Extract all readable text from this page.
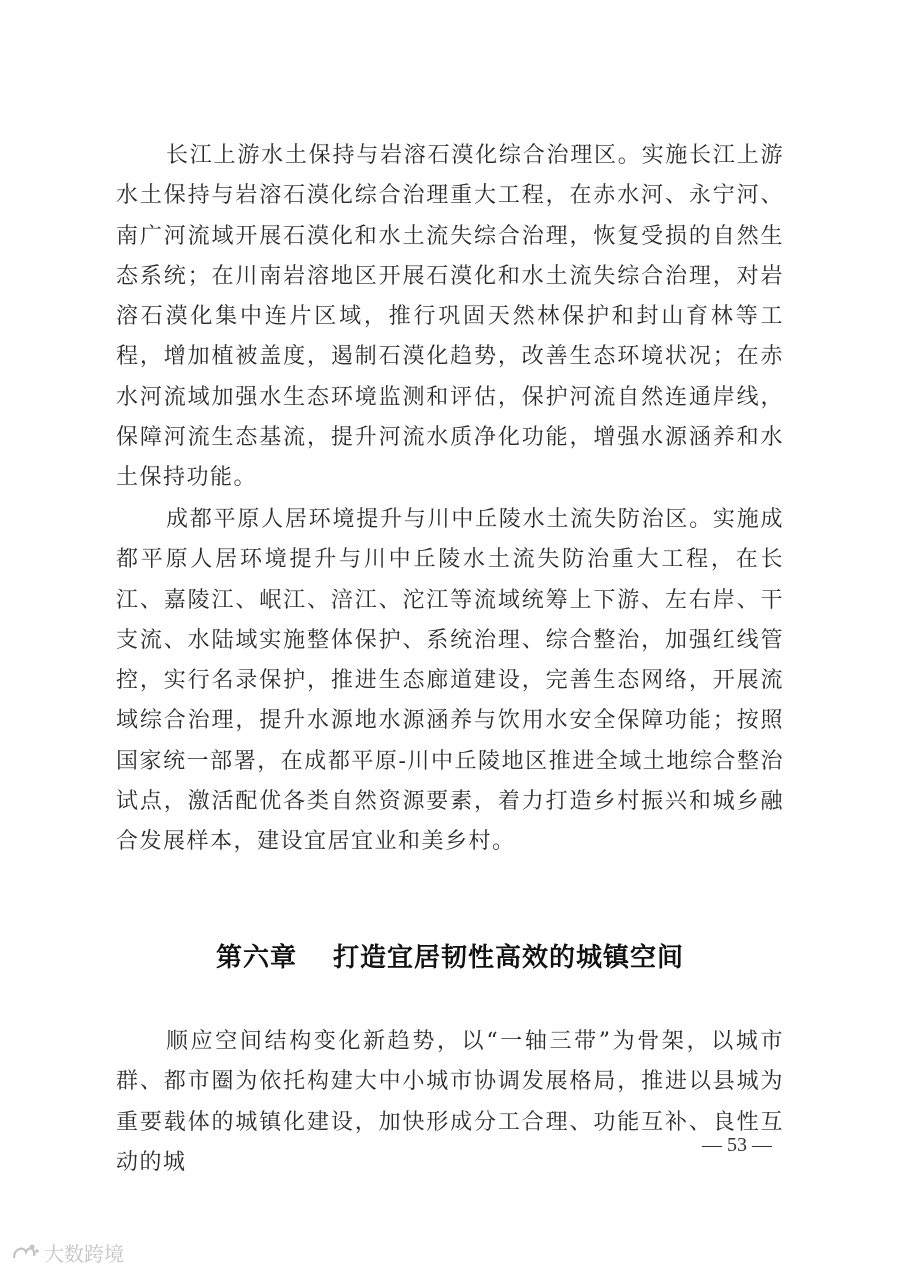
长江上游水土保持与岩溶石漠化综合治理区。实施长江上游水土保持与岩溶石漠化综合治理重大工程，在赤水河、永宁河、南广河流域开展石漠化和水土流失综合治理，恢复受损的自然生态系统；在川南岩溶地区开展石漠化和水土流失综合治理，对岩溶石漠化集中连片区域，推行巩固天然林保护和封山育林等工程，增加植被盖度，遏制石漠化趋势，改善生态环境状况；在赤水河流域加强水生态环境监测和评估，保护河流自然连通岸线，保障河流生态基流，提升河流水质净化功能，增强水源涵养和水土保持功能。

成都平原人居环境提升与川中丘陵水土流失防治区。实施成都平原人居环境提升与川中丘陵水土流失防治重大工程，在长江、嘉陵江、岷江、涪江、沱江等流域统筹上下游、左右岸、干支流、水陆域实施整体保护、系统治理、综合整治，加强红线管控，实行名录保护，推进生态廊道建设，完善生态网络，开展流域综合治理，提升水源地水源涵养与饮用水安全保障功能；按照国家统一部署，在成都平原-川中丘陵地区推进全域土地综合整治试点，激活配优各类自然资源要素，着力打造乡村振兴和城乡融合发展样本，建设宜居宜业和美乡村。

第六章 打造宜居韧性高效的城镇空间

顺应空间结构变化新趋势，以“一轴三带”为骨架，以城市群、都市圈为依托构建大中小城市协调发展格局，推进以县城为重要载体的城镇化建设，加快形成分工合理、功能互补、良性互动的城

— 53 —
大数跨境
